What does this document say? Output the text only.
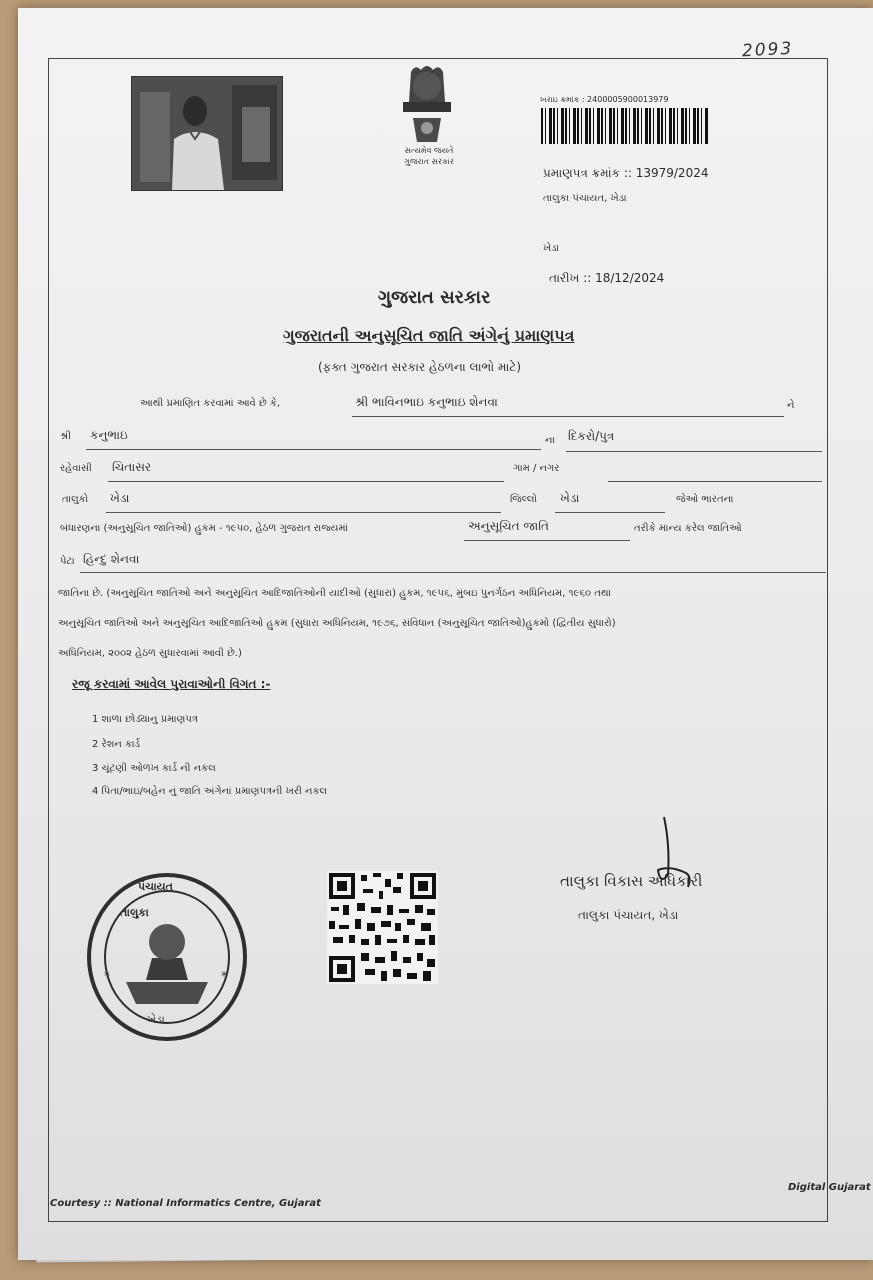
2093
સત્યમેવ જયતે
ગુજરાત સરકાર
ખરાઇ ક્રમાંક : 2400005900013979
પ્રમાણપત્ર ક્રમાંક :: 13979/2024
તાલુકા પંચાયત, ખેડા
ખેડા
તારીખ :: 18/12/2024
ગુજરાત સરકાર
ગુજરાતની અનુસૂચિત જાતિ અંગેનું પ્રમાણપત્ર
(ફક્ત ગુજરાત સરકાર હેઠળના લાભો માટે)
આથી પ્રમાણિત કરવામાં આવે છે કે,	શ્રી ભાવિનભાઇ કનુભાઇ શેનવા	ને
શ્રી કનુભાઇ	ના દિકરો/પુત્ર
રહેવાસી ચિતાસર	ગામ / નગર
તાલુકો ખેડા	જિલ્લો ખેડા	જેઓ ભારતના
બંધારણના (અનુસૂચિત જાતિઓ) હુકમ - ૧૯૫૦, હેઠળ ગુજરાત રાજ્યમાં	અનુસૂચિત જાતિ	તરીકે માન્ય કરેલ જાતિઓ
પેટા હિન્દુ શેનવા
જાતિના છે. (અનુસૂચિત જાતિઓ અને અનુસૂચિત આદિજાતિઓની યાદીઓ (સુધારા) હુકમ, ૧૯૫૬, મુંબઇ પુનર્ગઠન અધિનિયમ, ૧૯૬૦ તથા
અનુસૂચિત જાતિઓ અને અનુસૂચિત આદિજાતિઓ હુકમ (સુધારા અધિનિયમ, ૧૯૭૬, સંવિધાન (અનુસૂચિત જાતિઓ)હુકમો (દ્વિતીય સુધારો)
અધિનિયમ, ૨૦૦૨ હેઠળ સુધારવામાં આવી છે.)
રજૂ કરવામાં આવેલ પુરાવાઓની વિગત :-
1 શાળા છોડ્યાનુ પ્રમાણપત્ર
2 રેશન કાર્ડ
3 ચૂંટણી ઓળખ કાર્ડ ની નકલ
4 પિતા/ભાઇ/બહેન નું જાતિ અંગેનાં પ્રમાણપત્રની ખરી નકલ
*	*
પંચાયત
તાલુકા
ખેડા
તાલુકા વિકાસ અધિકારી
તાલુકા પંચાયત, ખેડા
Courtesy :: National Informatics Centre, Gujarat
Digital Gujarat
